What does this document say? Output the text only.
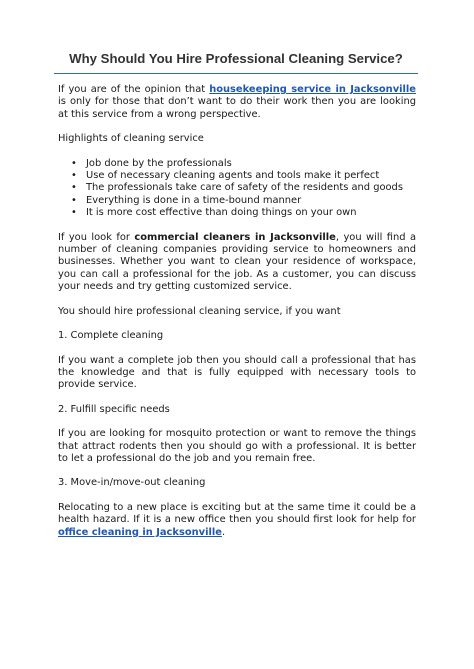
Why Should You Hire Professional Cleaning Service?

If you are of the opinion that housekeeping service in Jacksonville is only for those that don’t want to do their work then you are looking at this service from a wrong perspective.

Highlights of cleaning service

• Job done by the professionals
• Use of necessary cleaning agents and tools make it perfect
• The professionals take care of safety of the residents and goods
• Everything is done in a time-bound manner
• It is more cost effective than doing things on your own

If you look for commercial cleaners in Jacksonville, you will find a number of cleaning companies providing service to homeowners and businesses. Whether you want to clean your residence of workspace, you can call a professional for the job. As a customer, you can discuss your needs and try getting customized service.

You should hire professional cleaning service, if you want

1. Complete cleaning

If you want a complete job then you should call a professional that has the knowledge and that is fully equipped with necessary tools to provide service.

2. Fulfill specific needs

If you are looking for mosquito protection or want to remove the things that attract rodents then you should go with a professional. It is better to let a professional do the job and you remain free.

3. Move-in/move-out cleaning

Relocating to a new place is exciting but at the same time it could be a health hazard. If it is a new office then you should first look for help for office cleaning in Jacksonville.
